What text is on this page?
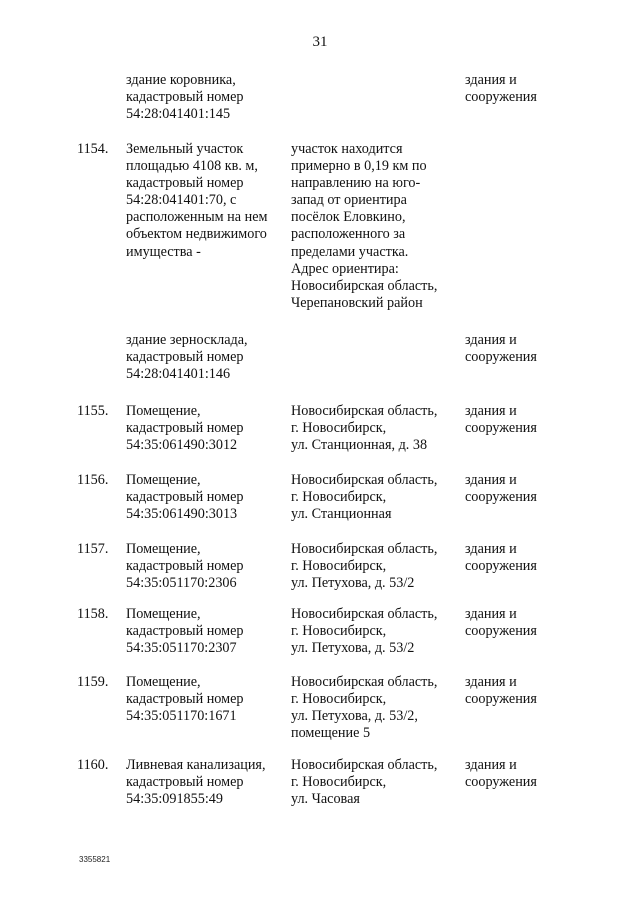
31
здание коровника,
кадастровый номер
54:28:041401:145
здания и
сооружения
1154. Земельный участок
площадью 4108 кв. м,
кадастровый номер
54:28:041401:70, с
расположенным на нем
объектом недвижимого
имущества -
участок находится
примерно в 0,19 км по
направлению на юго-
запад от ориентира
посёлок Еловкино,
расположенного за
пределами участка.
Адрес ориентира:
Новосибирская область,
Черепановский район
здание зерносклада,
кадастровый номер
54:28:041401:146
здания и
сооружения
1155. Помещение,
кадастровый номер
54:35:061490:3012
Новосибирская область,
г. Новосибирск,
ул. Станционная, д. 38
здания и
сооружения
1156. Помещение,
кадастровый номер
54:35:061490:3013
Новосибирская область,
г. Новосибирск,
ул. Станционная
здания и
сооружения
1157. Помещение,
кадастровый номер
54:35:051170:2306
Новосибирская область,
г. Новосибирск,
ул. Петухова, д. 53/2
здания и
сооружения
1158. Помещение,
кадастровый номер
54:35:051170:2307
Новосибирская область,
г. Новосибирск,
ул. Петухова, д. 53/2
здания и
сооружения
1159. Помещение,
кадастровый номер
54:35:051170:1671
Новосибирская область,
г. Новосибирск,
ул. Петухова, д. 53/2,
помещение 5
здания и
сооружения
1160. Ливневая канализация,
кадастровый номер
54:35:091855:49
Новосибирская область,
г. Новосибирск,
ул. Часовая
здания и
сооружения
3355821
